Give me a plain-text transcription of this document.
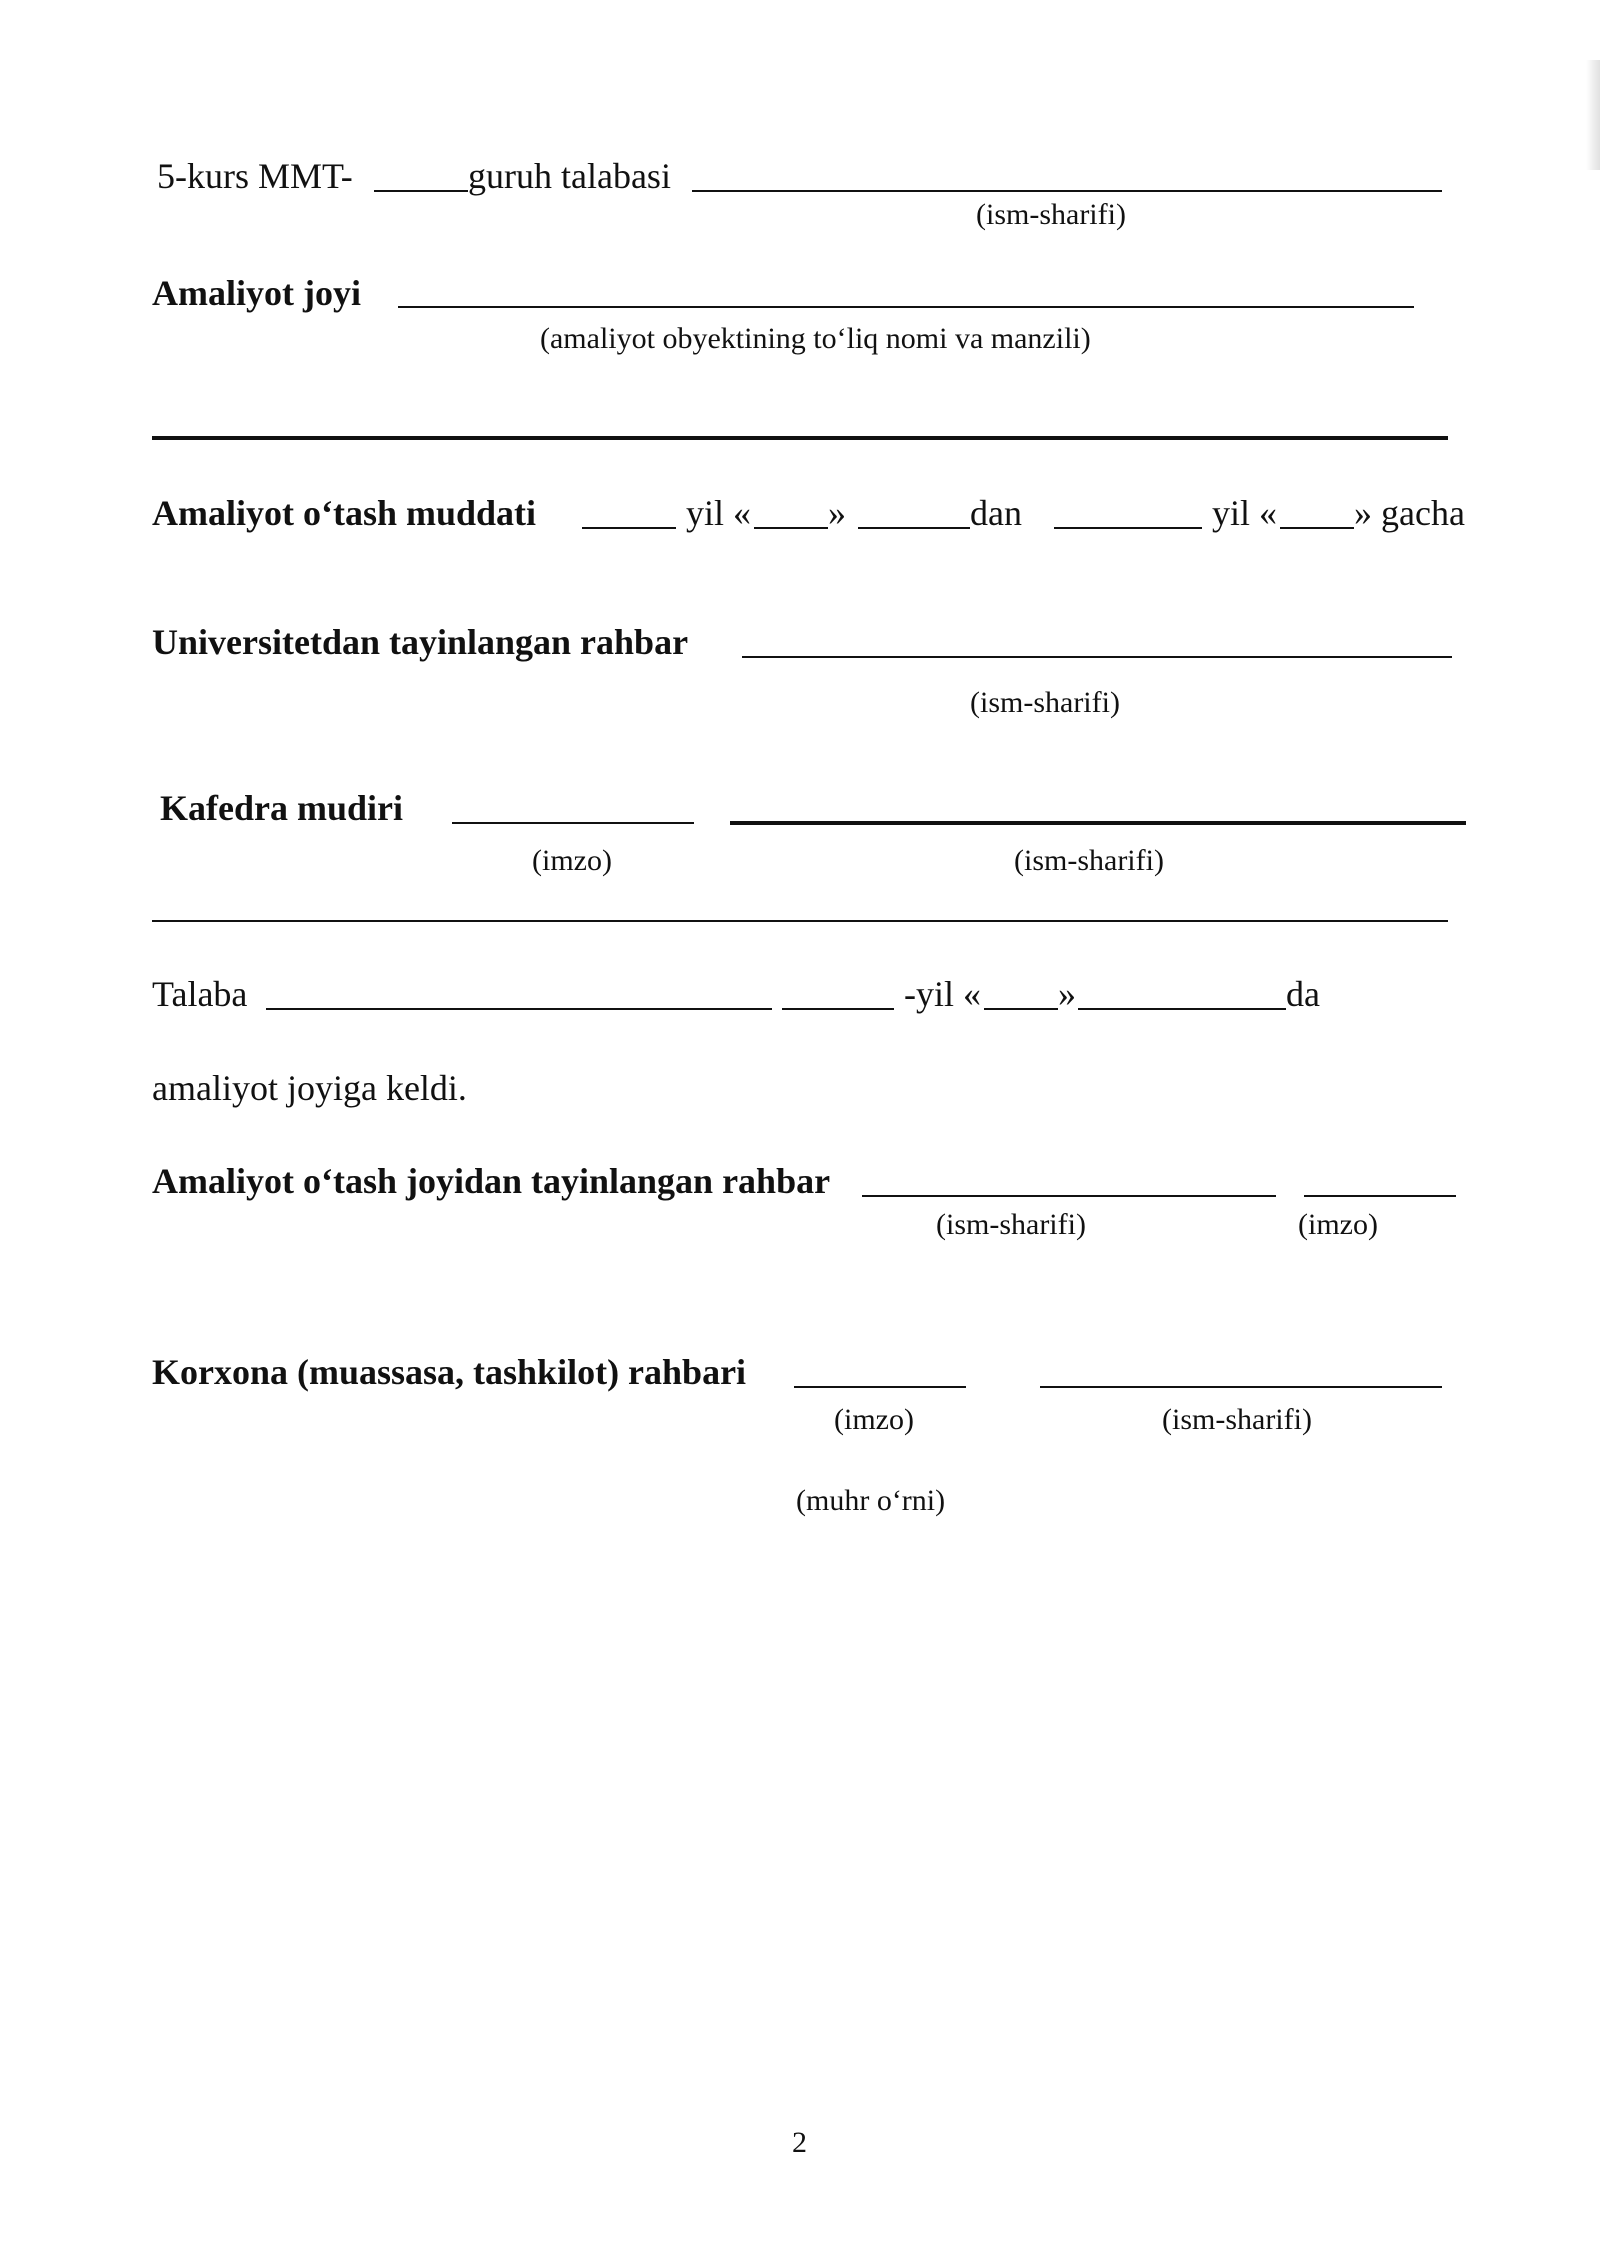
5-kurs MMT-	guruh talabasi
(ism-sharifi)
Amaliyot joyi
(amaliyot obyektining to‘liq nomi va manzili)
Amaliyot o‘tash muddati	yil « »	dan	yil « » gacha
Universitetdan tayinlangan rahbar
(ism-sharifi)
Kafedra mudiri
(imzo)	(ism-sharifi)
Talaba	-yil « »	da
amaliyot joyiga keldi.
Amaliyot o‘tash joyidan tayinlangan rahbar
(ism-sharifi)	(imzo)
Korxona (muassasa, tashkilot) rahbari
(imzo)	(ism-sharifi)
(muhr o‘rni)
2
